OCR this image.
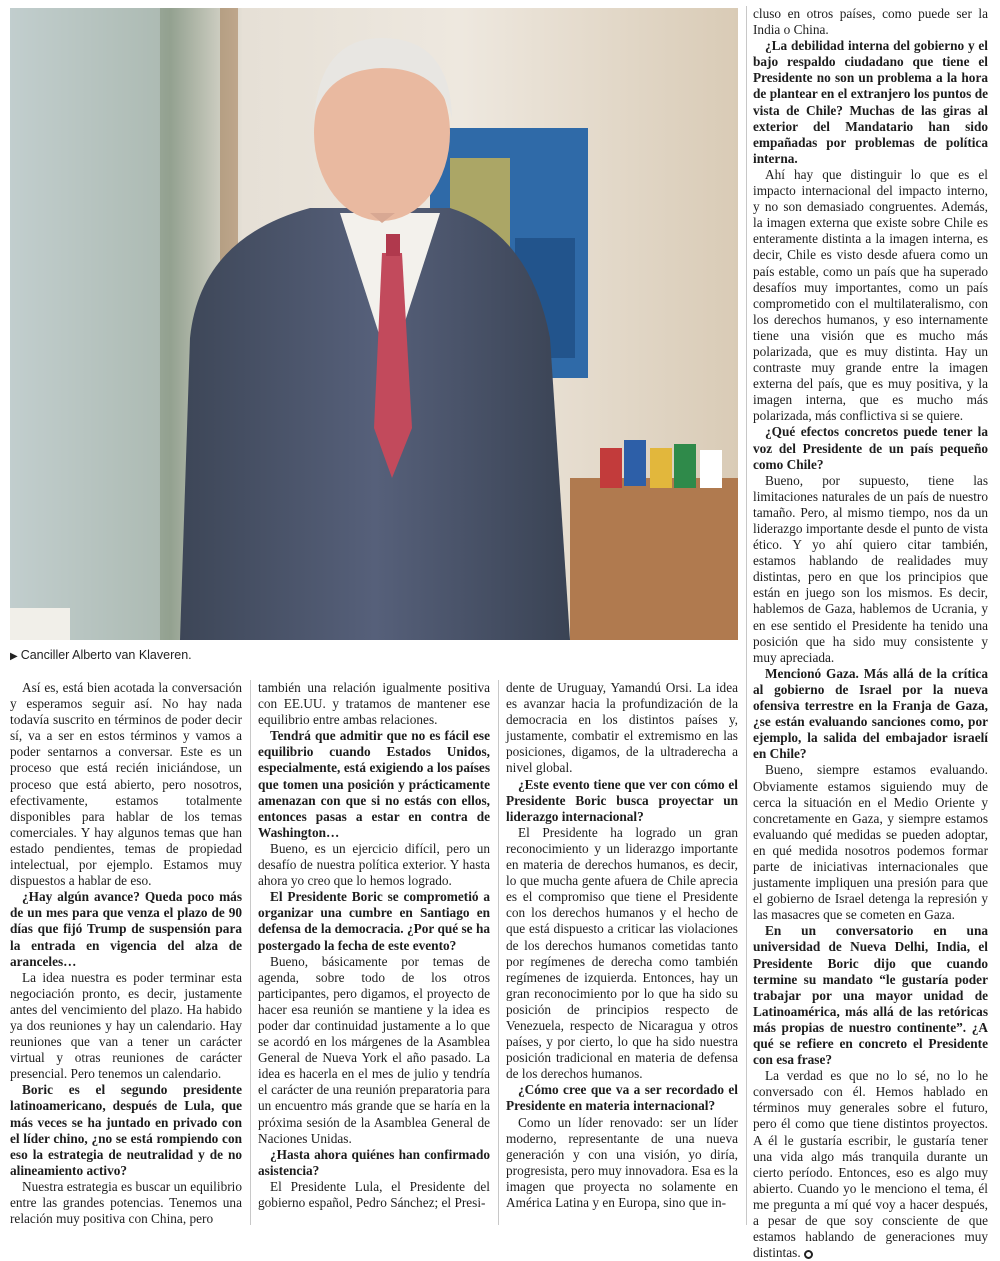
▶ Canciller Alberto van Klaveren.

Así es, está bien acotada la conversación y esperamos seguir así. No hay nada todavía suscrito en términos de poder decir sí, va a ser en estos términos y vamos a poder sentarnos a conversar. Este es un proceso que está recién iniciándose, un proceso que está abierto, pero nosotros, efectivamente, estamos totalmente disponibles para hablar de los temas comerciales. Y hay algunos temas que han estado pendientes, temas de propiedad intelectual, por ejemplo. Estamos muy dispuestos a hablar de eso.

¿Hay algún avance? Queda poco más de un mes para que venza el plazo de 90 días que fijó Trump de suspensión para la entrada en vigencia del alza de aranceles…

La idea nuestra es poder terminar esta negociación pronto, es decir, justamente antes del vencimiento del plazo. Ha habido ya dos reuniones y hay un calendario. Hay reuniones que van a tener un carácter virtual y otras reuniones de carácter presencial. Pero tenemos un calendario.

Boric es el segundo presidente latinoamericano, después de Lula, que más veces se ha juntado en privado con el líder chino, ¿no se está rompiendo con eso la estrategia de neutralidad y de no alineamiento activo?

Nuestra estrategia es buscar un equilibrio entre las grandes potencias. Tenemos una relación muy positiva con China, pero

también una relación igualmente positiva con EE.UU. y tratamos de mantener ese equilibrio entre ambas relaciones.

Tendrá que admitir que no es fácil ese equilibrio cuando Estados Unidos, especialmente, está exigiendo a los países que tomen una posición y prácticamente amenazan con que si no estás con ellos, entonces pasas a estar en contra de Washington…

Bueno, es un ejercicio difícil, pero un desafío de nuestra política exterior. Y hasta ahora yo creo que lo hemos logrado.

El Presidente Boric se comprometió a organizar una cumbre en Santiago en defensa de la democracia. ¿Por qué se ha postergado la fecha de este evento?

Bueno, básicamente por temas de agenda, sobre todo de los otros participantes, pero digamos, el proyecto de hacer esa reunión se mantiene y la idea es poder dar continuidad justamente a lo que se acordó en los márgenes de la Asamblea General de Nueva York el año pasado. La idea es hacerla en el mes de julio y tendría el carácter de una reunión preparatoria para un encuentro más grande que se haría en la próxima sesión de la Asamblea General de Naciones Unidas.

¿Hasta ahora quiénes han confirmado asistencia?

El Presidente Lula, el Presidente del gobierno español, Pedro Sánchez; el Presi-

dente de Uruguay, Yamandú Orsi. La idea es avanzar hacia la profundización de la democracia en los distintos países y, justamente, combatir el extremismo en las posiciones, digamos, de la ultraderecha a nivel global.

¿Este evento tiene que ver con cómo el Presidente Boric busca proyectar un liderazgo internacional?

El Presidente ha logrado un gran reconocimiento y un liderazgo importante en materia de derechos humanos, es decir, lo que mucha gente afuera de Chile aprecia es el compromiso que tiene el Presidente con los derechos humanos y el hecho de que está dispuesto a criticar las violaciones de los derechos humanos cometidas tanto por regímenes de derecha como también regímenes de izquierda. Entonces, hay un gran reconocimiento por lo que ha sido su posición de principios respecto de Venezuela, respecto de Nicaragua y otros países, y por cierto, lo que ha sido nuestra posición tradicional en materia de defensa de los derechos humanos.

¿Cómo cree que va a ser recordado el Presidente en materia internacional?

Como un líder renovado: ser un líder moderno, representante de una nueva generación y con una visión, yo diría, progresista, pero muy innovadora. Esa es la imagen que proyecta no solamente en América Latina y en Europa, sino que in-

cluso en otros países, como puede ser la India o China.

¿La debilidad interna del gobierno y el bajo respaldo ciudadano que tiene el Presidente no son un problema a la hora de plantear en el extranjero los puntos de vista de Chile? Muchas de las giras al exterior del Mandatario han sido empañadas por problemas de política interna.

Ahí hay que distinguir lo que es el impacto internacional del impacto interno, y no son demasiado congruentes. Además, la imagen externa que existe sobre Chile es enteramente distinta a la imagen interna, es decir, Chile es visto desde afuera como un país estable, como un país que ha superado desafíos muy importantes, como un país comprometido con el multilateralismo, con los derechos humanos, y eso internamente tiene una visión que es mucho más polarizada, que es muy distinta. Hay un contraste muy grande entre la imagen externa del país, que es muy positiva, y la imagen interna, que es mucho más polarizada, más conflictiva si se quiere.

¿Qué efectos concretos puede tener la voz del Presidente de un país pequeño como Chile?

Bueno, por supuesto, tiene las limitaciones naturales de un país de nuestro tamaño. Pero, al mismo tiempo, nos da un liderazgo importante desde el punto de vista ético. Y yo ahí quiero citar también, estamos hablando de realidades muy distintas, pero en que los principios que están en juego son los mismos. Es decir, hablemos de Gaza, hablemos de Ucrania, y en ese sentido el Presidente ha tenido una posición que ha sido muy consistente y muy apreciada.

Mencionó Gaza. Más allá de la crítica al gobierno de Israel por la nueva ofensiva terrestre en la Franja de Gaza, ¿se están evaluando sanciones como, por ejemplo, la salida del embajador israelí en Chile?

Bueno, siempre estamos evaluando. Obviamente estamos siguiendo muy de cerca la situación en el Medio Oriente y concretamente en Gaza, y siempre estamos evaluando qué medidas se pueden adoptar, en qué medida nosotros podemos formar parte de iniciativas internacionales que justamente impliquen una presión para que el gobierno de Israel detenga la represión y las masacres que se cometen en Gaza.

En un conversatorio en una universidad de Nueva Delhi, India, el Presidente Boric dijo que cuando termine su mandato “le gustaría poder trabajar por una mayor unidad de Latinoamérica, más allá de las retóricas más propias de nuestro continente”. ¿A qué se refiere en concreto el Presidente con esa frase?

La verdad es que no lo sé, no lo he conversado con él. Hemos hablado en términos muy generales sobre el futuro, pero él como que tiene distintos proyectos. A él le gustaría escribir, le gustaría tener una vida algo más tranquila durante un cierto período. Entonces, eso es algo muy abierto. Cuando yo le menciono el tema, él me pregunta a mí qué voy a hacer después, a pesar de que soy consciente de que estamos hablando de generaciones muy distintas.
